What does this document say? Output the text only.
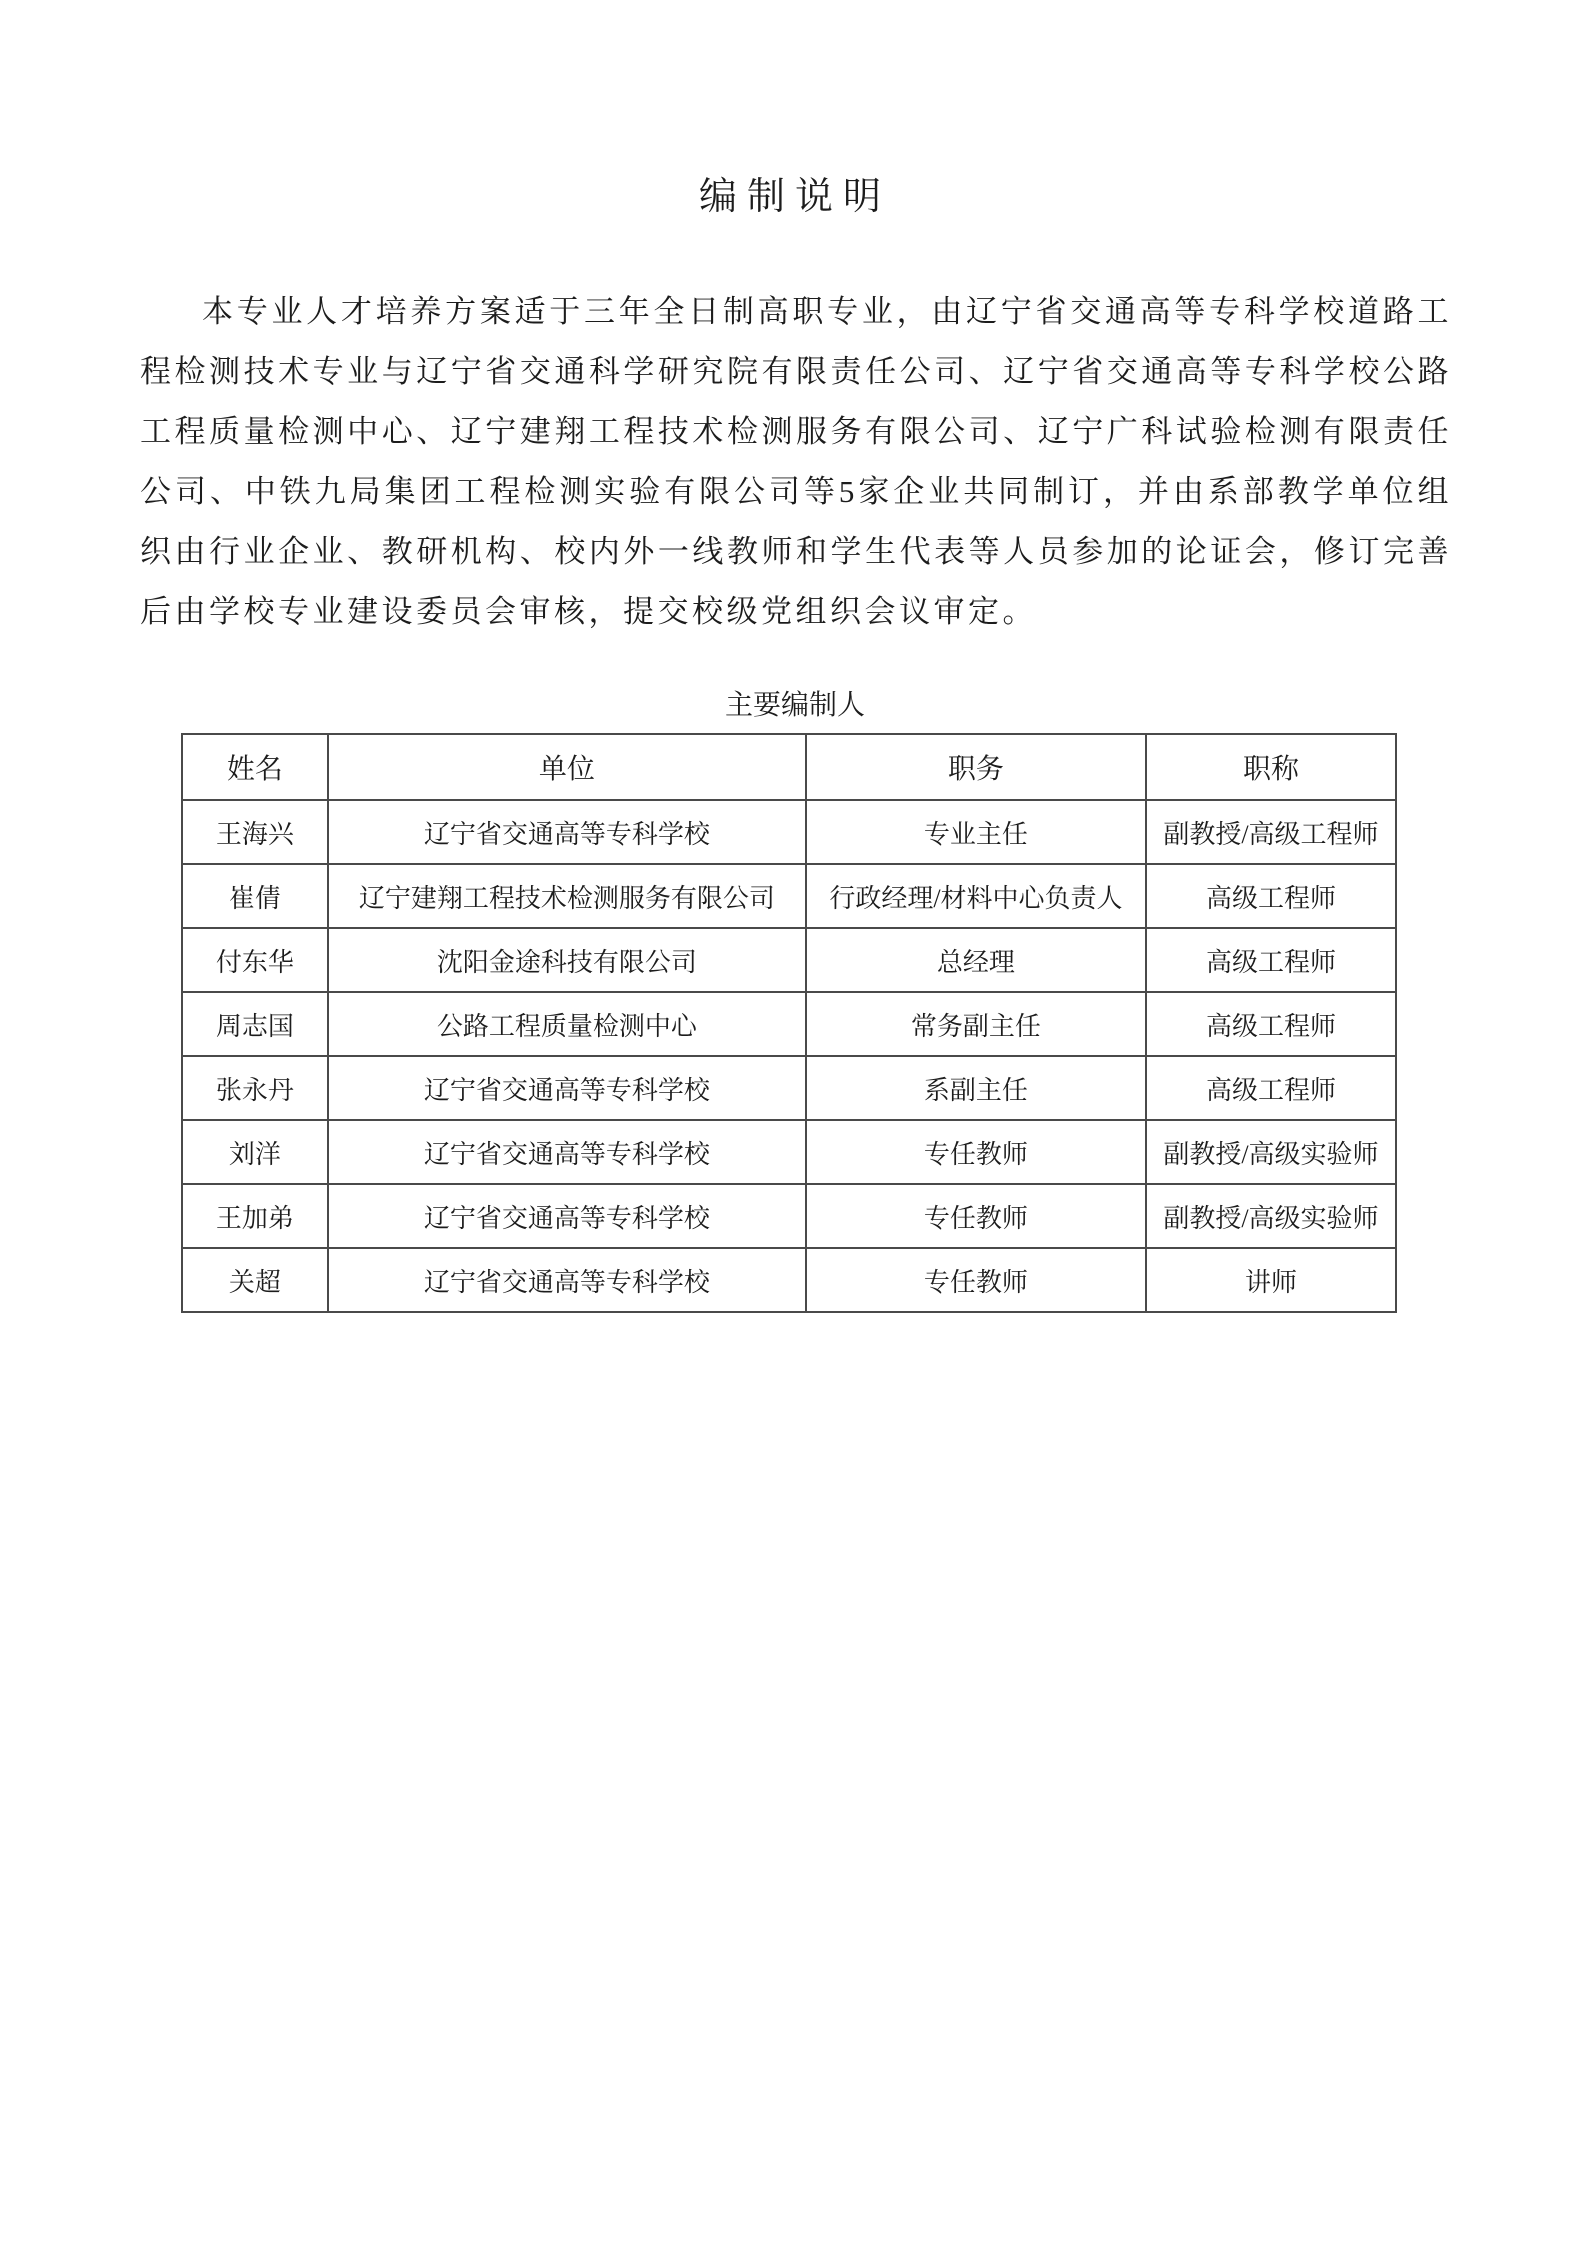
编制说明
本专业人才培养方案适于三年全日制高职专业，由辽宁省交通高等专科学校道路工程检测技术专业与辽宁省交通科学研究院有限责任公司、辽宁省交通高等专科学校公路工程质量检测中心、辽宁建翔工程技术检测服务有限公司、辽宁广科试验检测有限责任公司、中铁九局集团工程检测实验有限公司等5家企业共同制订，并由系部教学单位组织由行业企业、教研机构、校内外一线教师和学生代表等人员参加的论证会，修订完善后由学校专业建设委员会审核，提交校级党组织会议审定。
主要编制人
姓名	单位	职务	职称
王海兴	辽宁省交通高等专科学校	专业主任	副教授/高级工程师
崔倩	辽宁建翔工程技术检测服务有限公司	行政经理/材料中心负责人	高级工程师
付东华	沈阳金途科技有限公司	总经理	高级工程师
周志国	公路工程质量检测中心	常务副主任	高级工程师
张永丹	辽宁省交通高等专科学校	系副主任	高级工程师
刘洋	辽宁省交通高等专科学校	专任教师	副教授/高级实验师
王加弟	辽宁省交通高等专科学校	专任教师	副教授/高级实验师
关超	辽宁省交通高等专科学校	专任教师	讲师
